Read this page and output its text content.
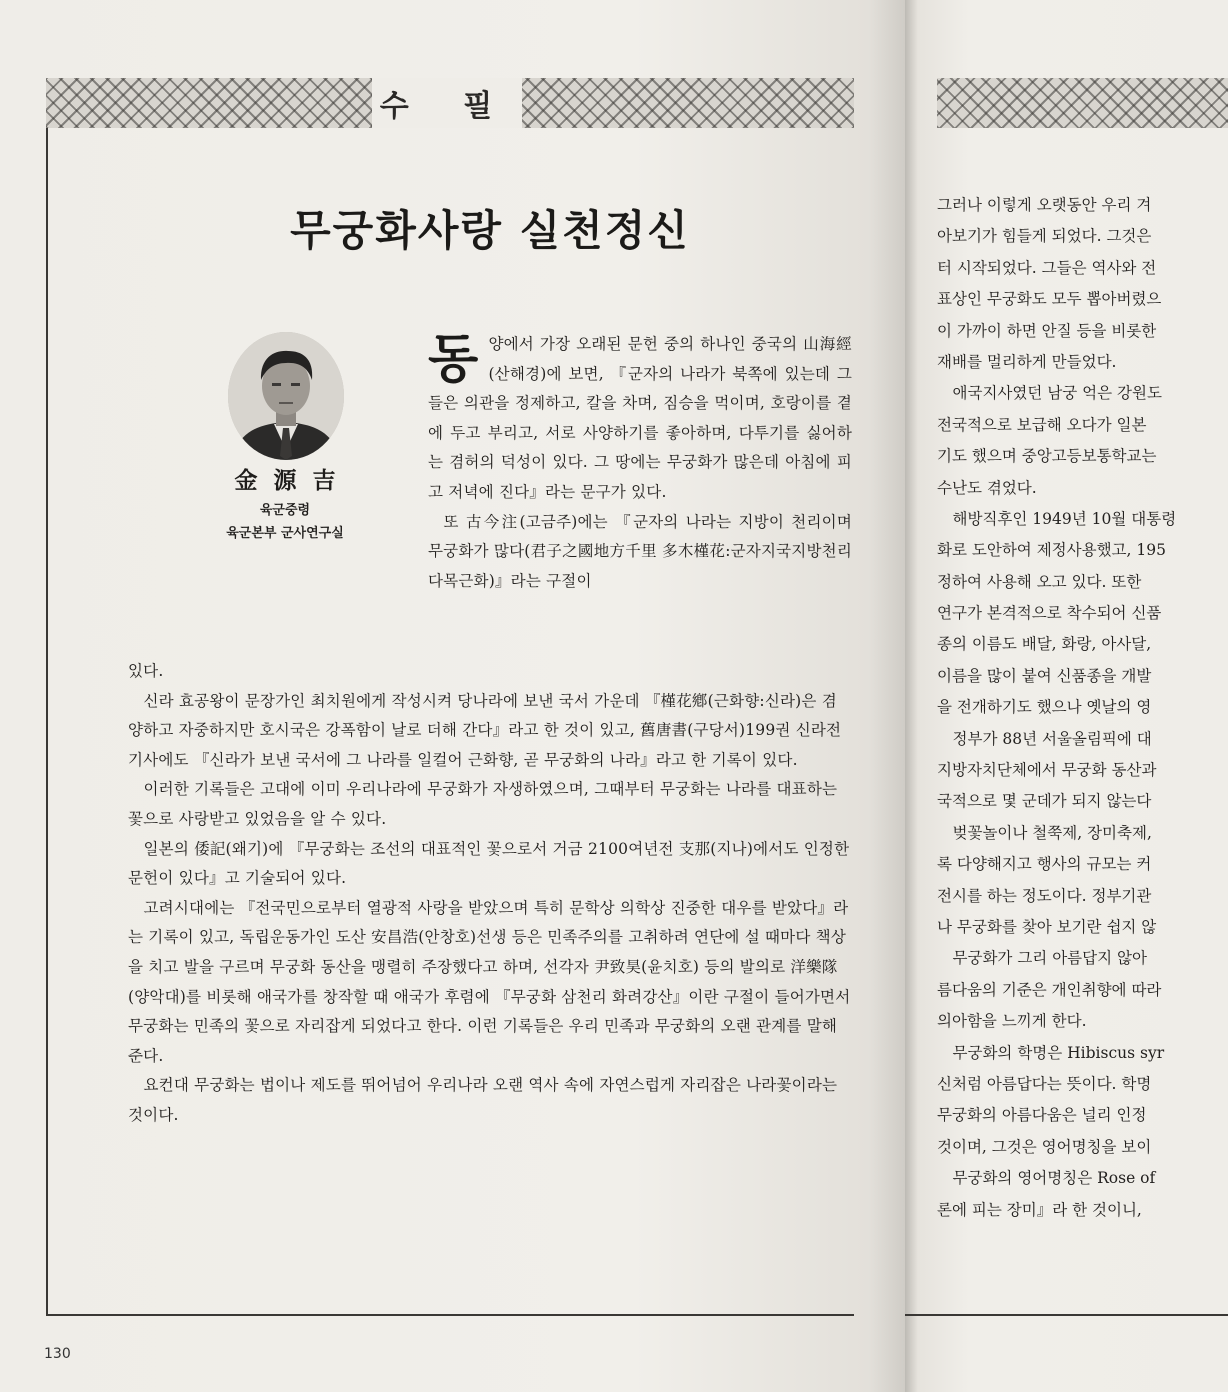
수 필
무궁화사랑 실천정신
金源吉
육군중령
육군본부 군사연구실
동 양에서 가장 오래된 문헌 중의 하나인 중국의 山海經(산해경)에 보면, 『군자의 나라가 북쪽에 있는데 그들은 의관을 정제하고, 칼을 차며, 짐승을 먹이며, 호랑이를 곁에 두고 부리고, 서로 사양하기를 좋아하며, 다투기를 싫어하는 겸허의 덕성이 있다. 그 땅에는 무궁화가 많은데 아침에 피고 저녁에 진다』라는 문구가 있다.

또 古今注(고금주)에는 『군자의 나라는 지방이 천리이며 무궁화가 많다(君子之國地方千里 多木槿花:군자지국지방천리 다목근화)』라는 구절이

있다.

신라 효공왕이 문장가인 최치원에게 작성시켜 당나라에 보낸 국서 가운데 『槿花鄕(근화향:신라)은 겸양하고 자중하지만 호시국은 강폭함이 날로 더해 간다』라고 한 것이 있고, 舊唐書(구당서)199권 신라전 기사에도 『신라가 보낸 국서에 그 나라를 일컬어 근화향, 곧 무궁화의 나라』라고 한 기록이 있다.

이러한 기록들은 고대에 이미 우리나라에 무궁화가 자생하였으며, 그때부터 무궁화는 나라를 대표하는 꽃으로 사랑받고 있었음을 알 수 있다.

일본의 倭記(왜기)에 『무궁화는 조선의 대표적인 꽃으로서 거금 2100여년전 支那(지나)에서도 인정한 문헌이 있다』고 기술되어 있다.

고려시대에는 『전국민으로부터 열광적 사랑을 받았으며 특히 문학상 의학상 진중한 대우를 받았다』라는 기록이 있고, 독립운동가인 도산 安昌浩(안창호)선생 등은 민족주의를 고취하려 연단에 설 때마다 책상을 치고 발을 구르며 무궁화 동산을 맹렬히 주장했다고 하며, 선각자 尹致昊(윤치호) 등의 발의로 洋樂隊(양악대)를 비롯해 애국가를 창작할 때 애국가 후렴에 『무궁화 삼천리 화려강산』이란 구절이 들어가면서 무궁화는 민족의 꽃으로 자리잡게 되었다고 한다. 이런 기록들은 우리 민족과 무궁화의 오랜 관계를 말해 준다.

요컨대 무궁화는 법이나 제도를 뛰어넘어 우리나라 오랜 역사 속에 자연스럽게 자리잡은 나라꽃이라는 것이다.

130
그러나 이렇게 오랫동안 우리 겨
아보기가 힘들게 되었다. 그것은
터 시작되었다. 그들은 역사와 전
표상인 무궁화도 모두 뽑아버렸으
이 가까이 하면 안질 등을 비롯한
재배를 멀리하게 만들었다.
애국지사였던 남궁 억은 강원도
전국적으로 보급해 오다가 일본
기도 했으며 중앙고등보통학교는
수난도 겪었다.
해방직후인 1949년 10월 대통령
화로 도안하여 제정사용했고, 195
정하여 사용해 오고 있다. 또한
연구가 본격적으로 착수되어 신품
종의 이름도 배달, 화랑, 아사달,
이름을 많이 붙여 신품종을 개발
을 전개하기도 했으나 옛날의 영
정부가 88년 서울올림픽에 대
지방자치단체에서 무궁화 동산과
국적으로 몇 군데가 되지 않는다
벚꽃놀이나 철쭉제, 장미축제,
록 다양해지고 행사의 규모는 커
전시를 하는 정도이다. 정부기관
나 무궁화를 찾아 보기란 쉽지 않
무궁화가 그리 아름답지 않아
름다움의 기준은 개인취향에 따라
의아함을 느끼게 한다.
무궁화의 학명은 Hibiscus syr
신처럼 아름답다는 뜻이다. 학명
무궁화의 아름다움은 널리 인정
것이며, 그것은 영어명칭을 보이
무궁화의 영어명칭은 Rose of
론에 피는 장미』라 한 것이니,
